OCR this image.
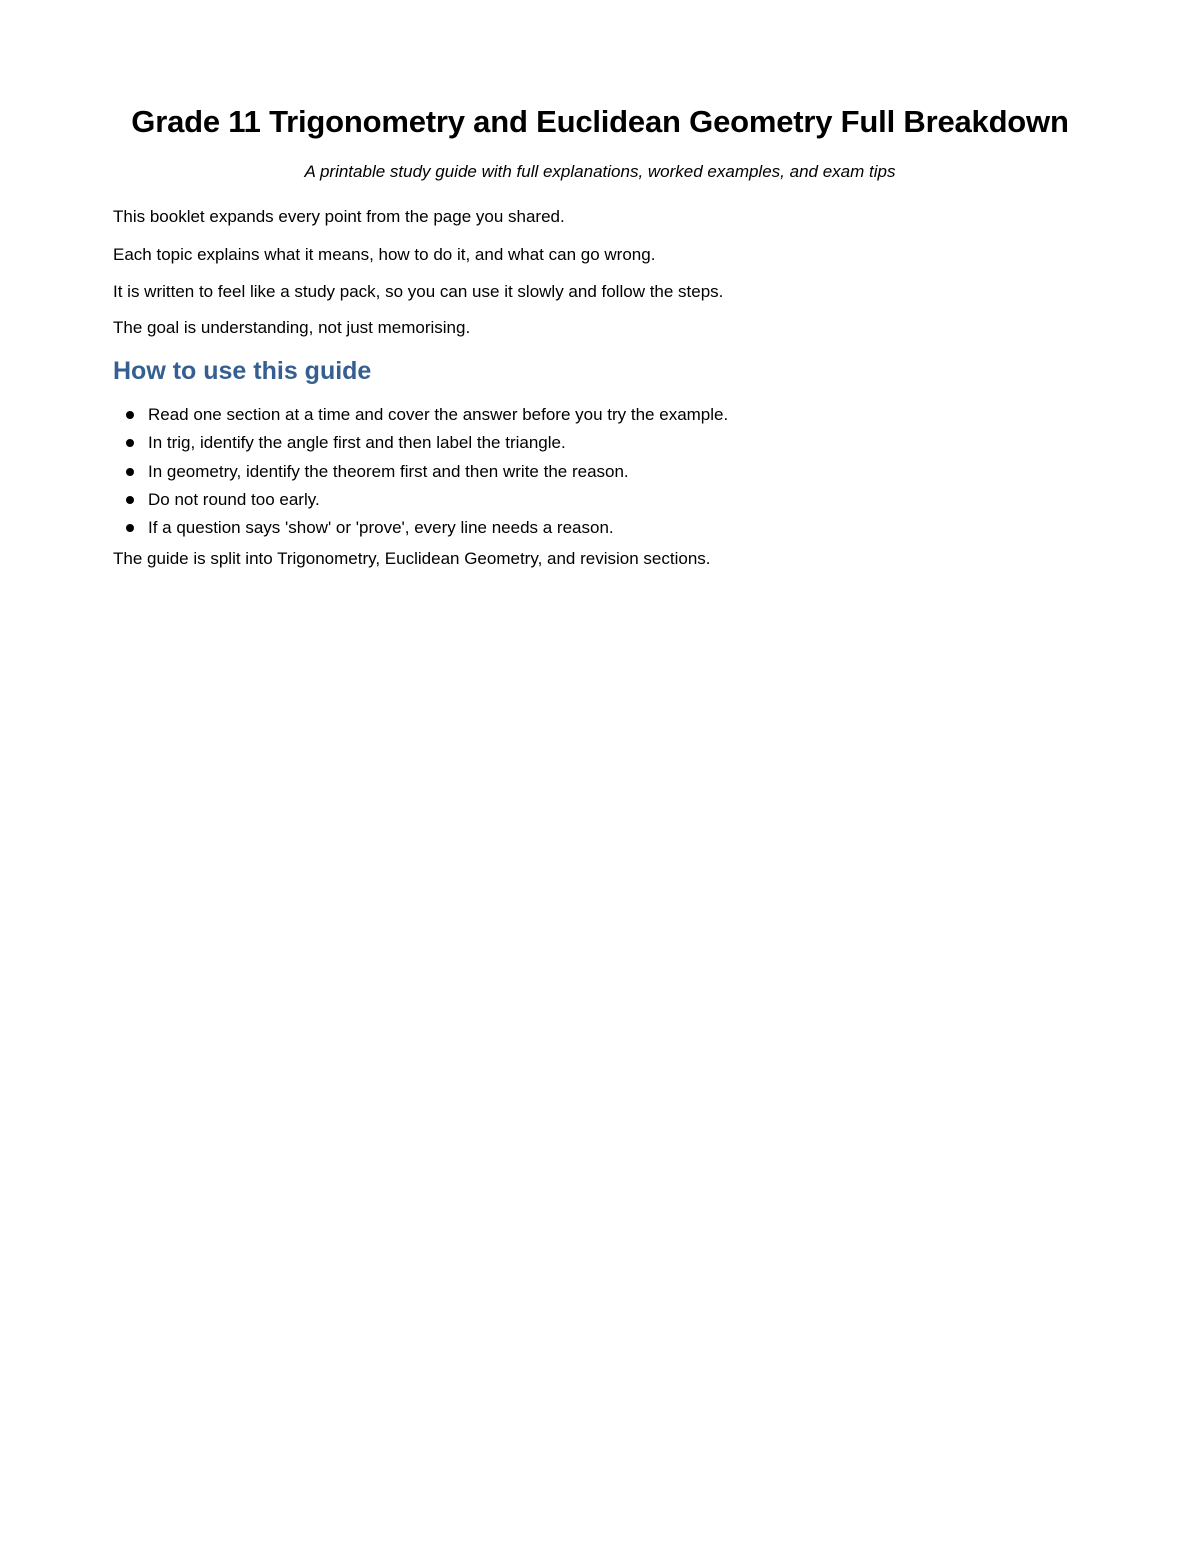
Grade 11 Trigonometry and Euclidean Geometry Full Breakdown

A printable study guide with full explanations, worked examples, and exam tips

This booklet expands every point from the page you shared.

Each topic explains what it means, how to do it, and what can go wrong.

It is written to feel like a study pack, so you can use it slowly and follow the steps.

The goal is understanding, not just memorising.

How to use this guide
Read one section at a time and cover the answer before you try the example.
In trig, identify the angle first and then label the triangle.
In geometry, identify the theorem first and then write the reason.
Do not round too early.
If a question says 'show' or 'prove', every line needs a reason.

The guide is split into Trigonometry, Euclidean Geometry, and revision sections.
